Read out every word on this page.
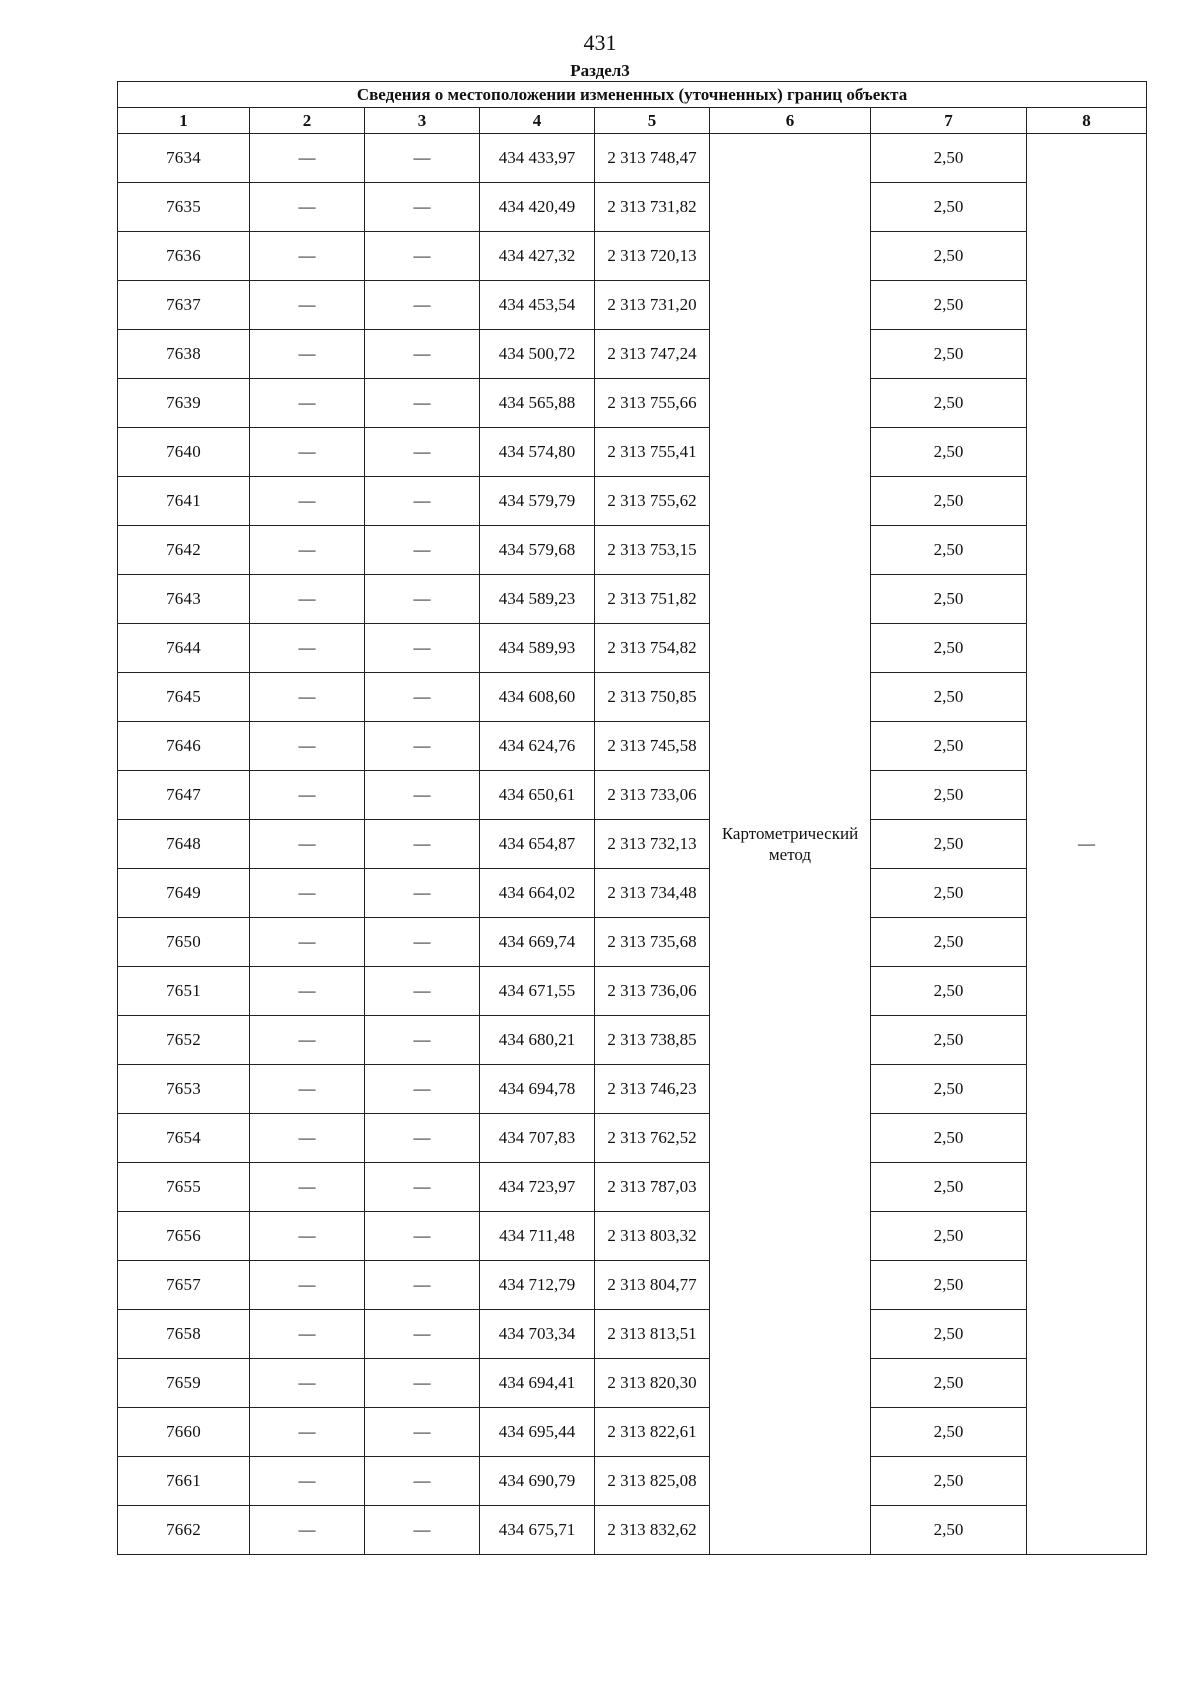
431
Раздел3
Сведения о местоположении измененных (уточненных) границ объекта							
1	2	3	4	5	6	7	8
7634	—	—	434 433,97	2 313 748,47	Картометрический метод	2,50	—
7635	—	—	434 420,49	2 313 731,82		2,50	
7636	—	—	434 427,32	2 313 720,13		2,50	
7637	—	—	434 453,54	2 313 731,20		2,50	
7638	—	—	434 500,72	2 313 747,24		2,50	
7639	—	—	434 565,88	2 313 755,66		2,50	
7640	—	—	434 574,80	2 313 755,41		2,50	
7641	—	—	434 579,79	2 313 755,62		2,50	
7642	—	—	434 579,68	2 313 753,15		2,50	
7643	—	—	434 589,23	2 313 751,82		2,50	
7644	—	—	434 589,93	2 313 754,82		2,50	
7645	—	—	434 608,60	2 313 750,85		2,50	
7646	—	—	434 624,76	2 313 745,58		2,50	
7647	—	—	434 650,61	2 313 733,06		2,50	
7648	—	—	434 654,87	2 313 732,13		2,50	
7649	—	—	434 664,02	2 313 734,48		2,50	
7650	—	—	434 669,74	2 313 735,68		2,50	
7651	—	—	434 671,55	2 313 736,06		2,50	
7652	—	—	434 680,21	2 313 738,85		2,50	
7653	—	—	434 694,78	2 313 746,23		2,50	
7654	—	—	434 707,83	2 313 762,52		2,50	
7655	—	—	434 723,97	2 313 787,03		2,50	
7656	—	—	434 711,48	2 313 803,32		2,50	
7657	—	—	434 712,79	2 313 804,77		2,50	
7658	—	—	434 703,34	2 313 813,51		2,50	
7659	—	—	434 694,41	2 313 820,30		2,50	
7660	—	—	434 695,44	2 313 822,61		2,50	
7661	—	—	434 690,79	2 313 825,08		2,50	
7662	—	—	434 675,71	2 313 832,62		2,50	
